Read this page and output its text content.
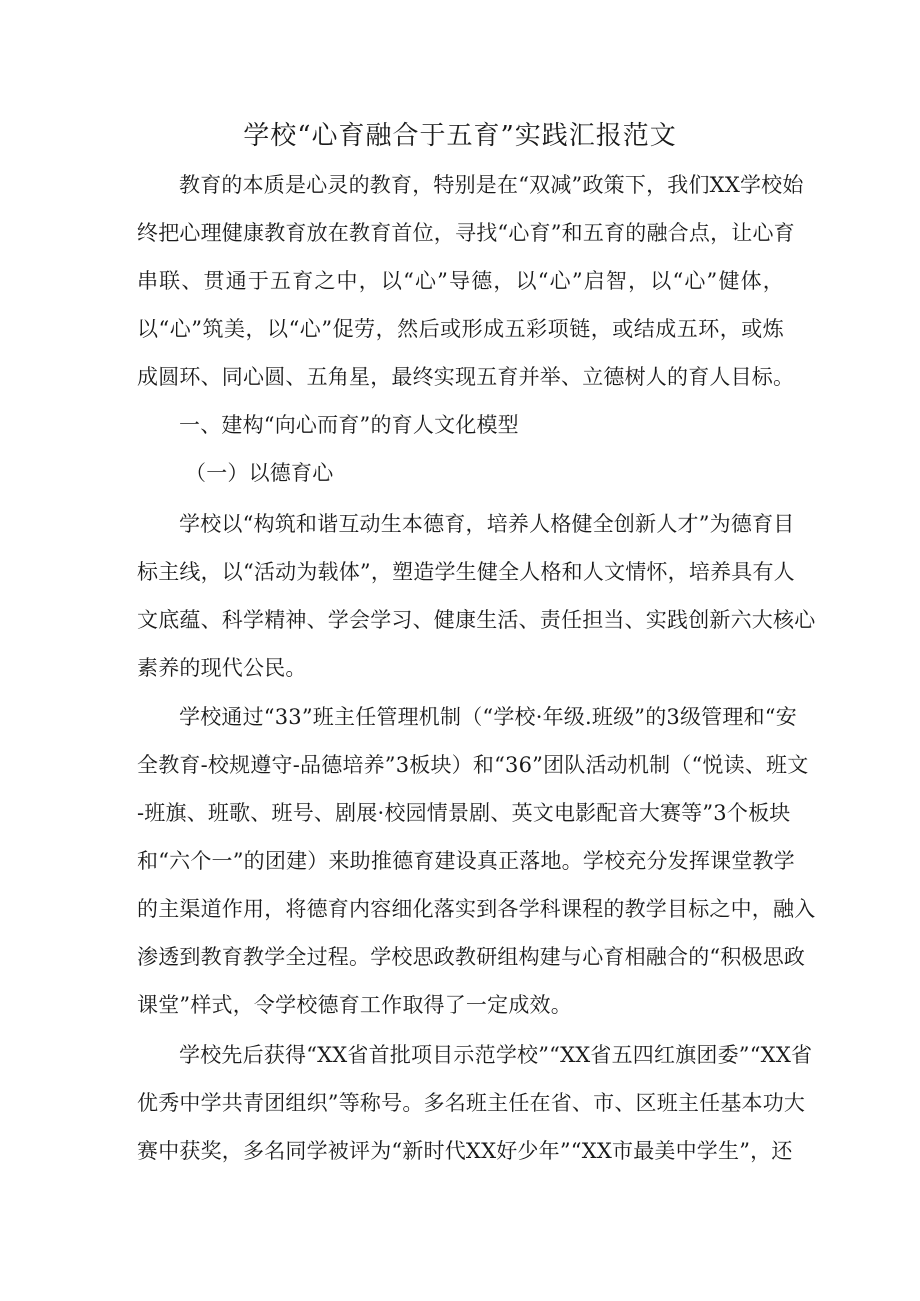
学校“心育融合于五育”实践汇报范文
教育的本质是心灵的教育，特别是在“双减”政策下，我们XX学校始
终把心理健康教育放在教育首位，寻找“心育”和五育的融合点，让心育
串联、贯通于五育之中，以“心”导德，以“心”启智，以“心”健体，
以“心”筑美，以“心”促劳，然后或形成五彩项链，或结成五环，或炼
成圆环、同心圆、五角星，最终实现五育并举、立德树人的育人目标。
一、建构“向心而育”的育人文化模型
（一）以德育心
学校以“构筑和谐互动生本德育，培养人格健全创新人才”为德育目
标主线，以“活动为载体”，塑造学生健全人格和人文情怀，培养具有人
文底蕴、科学精神、学会学习、健康生活、责任担当、实践创新六大核心
素养的现代公民。
学校通过“33”班主任管理机制（“学校·年级.班级”的3级管理和“安
全教育-校规遵守-品德培养”3板块）和“36”团队活动机制（“悦读、班文
-班旗、班歌、班号、剧展·校园情景剧、英文电影配音大赛等”3个板块
和“六个一”的团建）来助推德育建设真正落地。学校充分发挥课堂教学
的主渠道作用，将德育内容细化落实到各学科课程的教学目标之中，融入
渗透到教育教学全过程。学校思政教研组构建与心育相融合的“积极思政
课堂”样式，令学校德育工作取得了一定成效。
学校先后获得“XX省首批项目示范学校”“XX省五四红旗团委”“XX省
优秀中学共青团组织”等称号。多名班主任在省、市、区班主任基本功大
赛中获奖，多名同学被评为“新时代XX好少年”“XX市最美中学生”，还
